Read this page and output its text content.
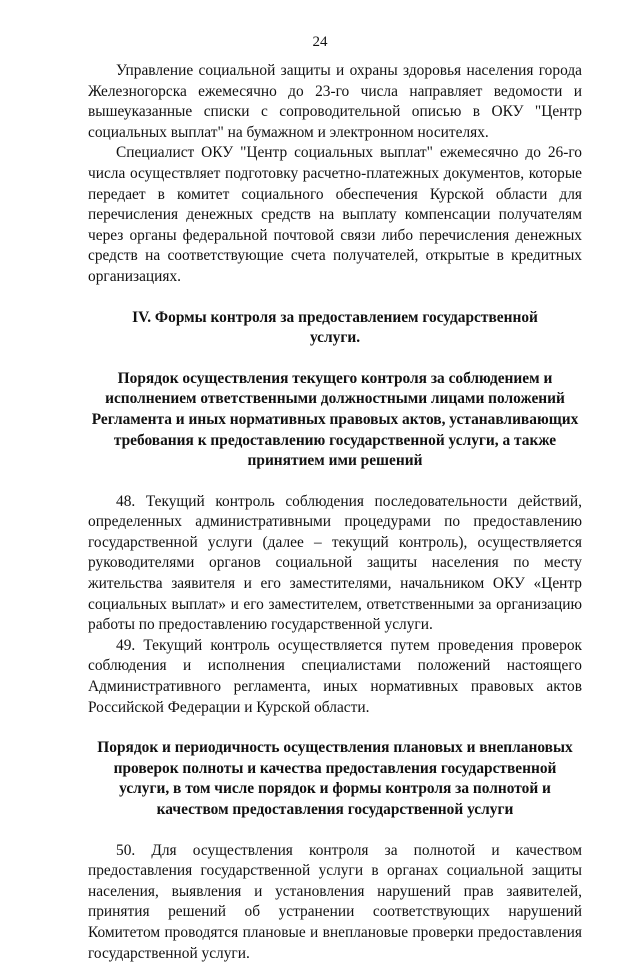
24

Управление социальной защиты и охраны здоровья населения города Железногорска ежемесячно до 23-го числа направляет ведомости и вышеуказанные списки с сопроводительной описью в ОКУ "Центр социальных выплат" на бумажном и электронном носителях.

Специалист ОКУ "Центр социальных выплат" ежемесячно до 26-го числа осуществляет подготовку расчетно-платежных документов, которые передает в комитет социального обеспечения Курской области для перечисления денежных средств на выплату компенсации получателям через органы федеральной почтовой связи либо перечисления денежных средств на соответствующие счета получателей, открытые в кредитных организациях.

IV. Формы контроля за предоставлением государственной услуги.
Порядок осуществления текущего контроля за соблюдением и исполнением ответственными должностными лицами положений Регламента и иных нормативных правовых актов, устанавливающих требования к предоставлению государственной услуги, а также принятием ими решений

48. Текущий контроль соблюдения последовательности действий, определенных административными процедурами по предоставлению государственной услуги (далее – текущий контроль), осуществляется руководителями органов социальной защиты населения по месту жительства заявителя и его заместителями, начальником ОКУ «Центр социальных выплат» и его заместителем, ответственными за организацию работы по предоставлению государственной услуги.

49. Текущий контроль осуществляется путем проведения проверок соблюдения и исполнения специалистами положений настоящего Административного регламента, иных нормативных правовых актов Российской Федерации и Курской области.

Порядок и периодичность осуществления плановых и внеплановых проверок полноты и качества предоставления государственной услуги, в том числе порядок и формы контроля за полнотой и качеством предоставления государственной услуги

50. Для осуществления контроля за полнотой и качеством предоставления государственной услуги в органах социальной защиты населения, выявления и установления нарушений прав заявителей, принятия решений об устранении соответствующих нарушений Комитетом проводятся плановые и внеплановые проверки предоставления государственной услуги.
